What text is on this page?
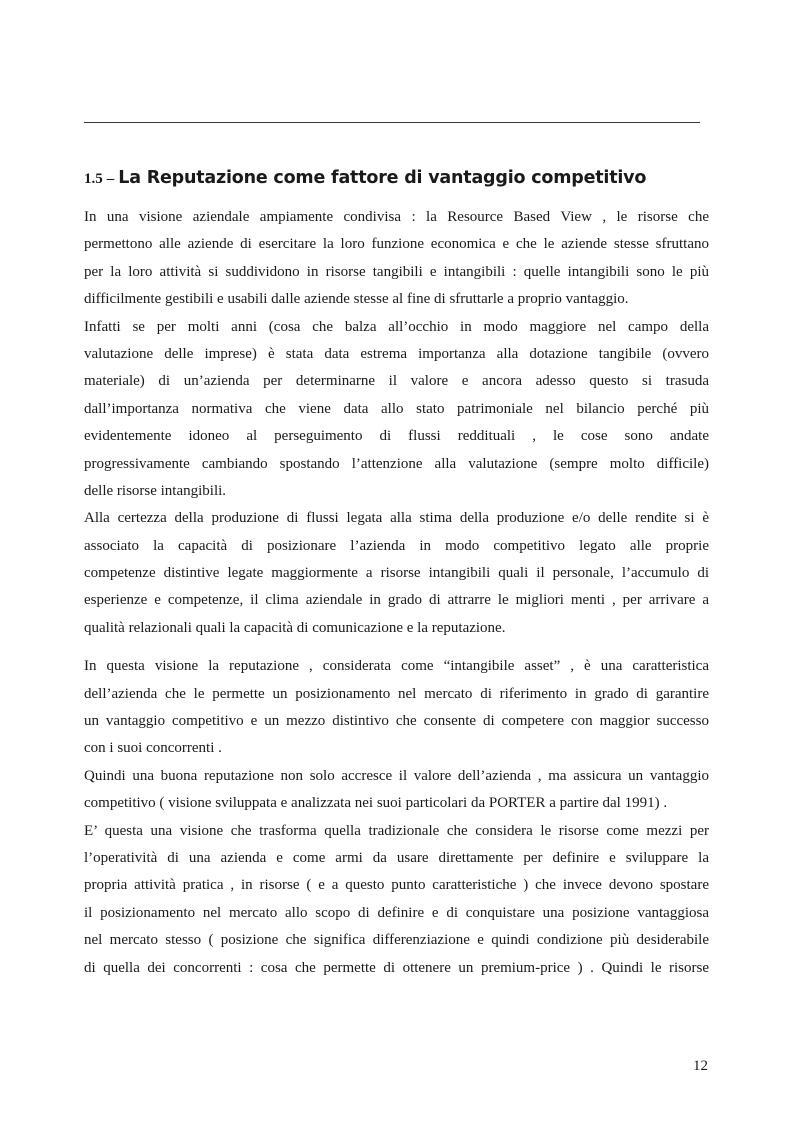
1.5 – La Reputazione come fattore di vantaggio competitivo
In una visione aziendale ampiamente condivisa : la Resource Based View , le risorse che
permettono alle aziende di esercitare la loro funzione economica e che le aziende stesse sfruttano
per la loro attività si suddividono in risorse tangibili e intangibili : quelle intangibili sono le più
difficilmente gestibili e usabili dalle aziende stesse al fine di sfruttarle a proprio vantaggio.
Infatti se per molti anni (cosa che balza all’occhio in modo maggiore nel campo della
valutazione delle imprese) è stata data estrema importanza alla dotazione tangibile (ovvero
materiale) di un’azienda per determinarne il valore e ancora adesso questo si trasuda
dall’importanza normativa che viene data allo stato patrimoniale nel bilancio perché più
evidentemente idoneo al perseguimento di flussi reddituali , le cose sono andate
progressivamente cambiando spostando l’attenzione alla valutazione (sempre molto difficile)
delle risorse intangibili.
Alla certezza della produzione di flussi legata alla stima della produzione e/o delle rendite si è
associato la capacità di posizionare l’azienda in modo competitivo legato alle proprie
competenze distintive legate maggiormente a risorse intangibili quali il personale, l’accumulo di
esperienze e competenze, il clima aziendale in grado di attrarre le migliori menti , per arrivare a
qualità relazionali quali la capacità di comunicazione e la reputazione.
In questa visione la reputazione , considerata come “intangibile asset” , è una caratteristica
dell’azienda che le permette un posizionamento nel mercato di riferimento in grado di garantire
un vantaggio competitivo e un mezzo distintivo che consente di competere con maggior successo
con i suoi concorrenti .
Quindi una buona reputazione non solo accresce il valore dell’azienda , ma assicura un vantaggio
competitivo ( visione sviluppata e analizzata nei suoi particolari da PORTER a partire dal 1991) .
E’ questa una visione che trasforma quella tradizionale che considera le risorse come mezzi per
l’operatività di una azienda e come armi da usare direttamente per definire e sviluppare la
propria attività pratica , in risorse ( e a questo punto caratteristiche ) che invece devono spostare
il posizionamento nel mercato allo scopo di definire e di conquistare una posizione vantaggiosa
nel mercato stesso ( posizione che significa differenziazione e quindi condizione più desiderabile
di quella dei concorrenti : cosa che permette di ottenere un premium-price ) . Quindi le risorse
12
